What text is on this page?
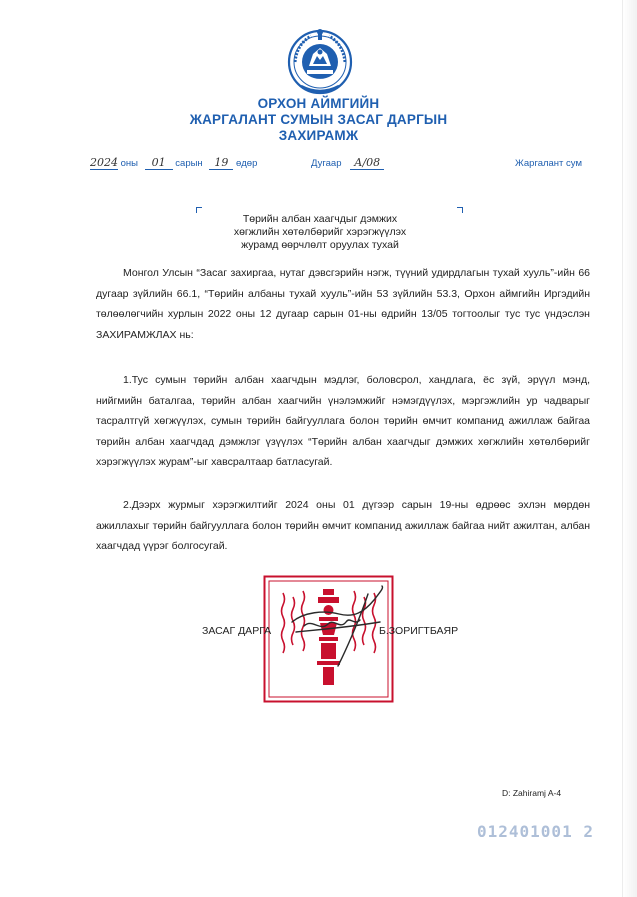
ОРХОН АЙМГИЙН
ЖАРГАЛАНТ СУМЫН ЗАСАГ ДАРГЫН
ЗАХИРАМЖ
2024 оны 01 сарын 19 өдөр	Дугаар А/08	Жаргалант сум
Төрийн албан хаагчдыг дэмжих
хөгжлийн хөтөлбөрийг хэрэгжүүлэх
журамд өөрчлөлт оруулах тухай
Монгол Улсын “Засаг захиргаа, нутаг дэвсгэрийн нэгж, түүний удирдлагын тухай хууль”-ийн 66 дугаар зүйлийн 66.1, “Төрийн албаны тухай хууль”-ийн 53 зүйлийн 53.3, Орхон аймгийн Иргэдийн төлөөлөгчийн хурлын 2022 оны 12 дугаар сарын 01-ны өдрийн 13/05 тогтоолыг тус тус үндэслэн ЗАХИРАМЖЛАХ нь:
1.Тус сумын төрийн албан хаагчдын мэдлэг, боловсрол, хандлага, ёс зүй, эрүүл мэнд, нийгмийн баталгаа, төрийн албан хаагчийн үнэлэмжийг нэмэгдүүлэх, мэргэжлийн ур чадварыг тасралтгүй хөгжүүлэх, сумын төрийн байгууллага болон төрийн өмчит компанид ажиллаж байгаа төрийн албан хаагчдад дэмжлэг үзүүлэх “Төрийн албан хаагчдыг дэмжих хөгжлийн хөтөлбөрийг хэрэгжүүлэх журам”-ыг хавсралтаар батласугай.
2.Дээрх журмыг хэрэгжилтийг 2024 оны 01 дүгээр сарын 19-ны өдрөөс эхлэн мөрдөн ажиллахыг төрийн байгууллага болон төрийн өмчит компанид ажиллаж байгаа нийт ажилтан, албан хаагчдад үүрэг болгосугай.
ЗАСАГ ДАРГА	Б.ЗОРИГТБАЯР
D: Zahiramj A-4
012401001 2
